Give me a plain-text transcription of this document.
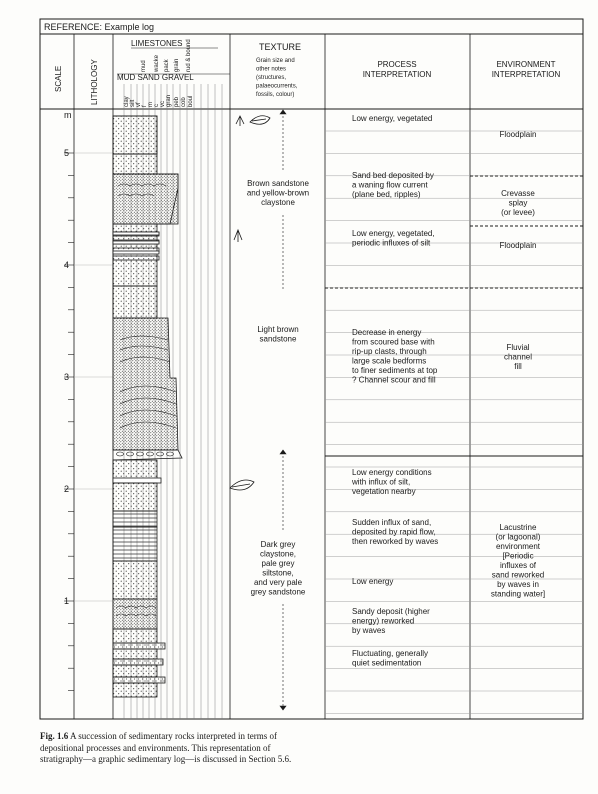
REFERENCE: Example log
SCALE	LITHOLOGY
LIMESTONES
MUD SAND GRAVEL
mud wacke pack grain rud & bound
clay silt vf f m c vc gran peb cob boul
TEXTURE
Grain size and
other notes
(structures,
palaeocurrents,
fossils, colour)
PROCESS
INTERPRETATION
ENVIRONMENT
INTERPRETATION
m
5
4
3
2
1
Brown sandstone
and yellow-brown
claystone
Light brown
sandstone
Dark grey
claystone,
pale grey
siltstone,
and very pale
grey sandstone
Low energy, vegetated
Sand bed deposited by
a waning flow current
(plane bed, ripples)
Low energy, vegetated,
periodic influxes of silt
Decrease in energy
from scoured base with
rip-up clasts, through
large scale bedforms
to finer sediments at top
? Channel scour and fill
Low energy conditions
with influx of silt,
vegetation nearby
Sudden influx of sand,
deposited by rapid flow,
then reworked by waves
Low energy
Sandy deposit (higher
energy) reworked
by waves
Fluctuating, generally
quiet sedimentation
Floodplain
Crevasse
splay
(or levee)
Floodplain
Fluvial
channel
fill
Lacustrine
(or lagoonal)
environment
[Periodic
influxes of
sand reworked
by waves in
standing water]
Fig. 1.6 A succession of sedimentary rocks interpreted in terms of depositional processes and environments. This representation of stratigraphy—a graphic sedimentary log—is discussed in Section 5.6.
